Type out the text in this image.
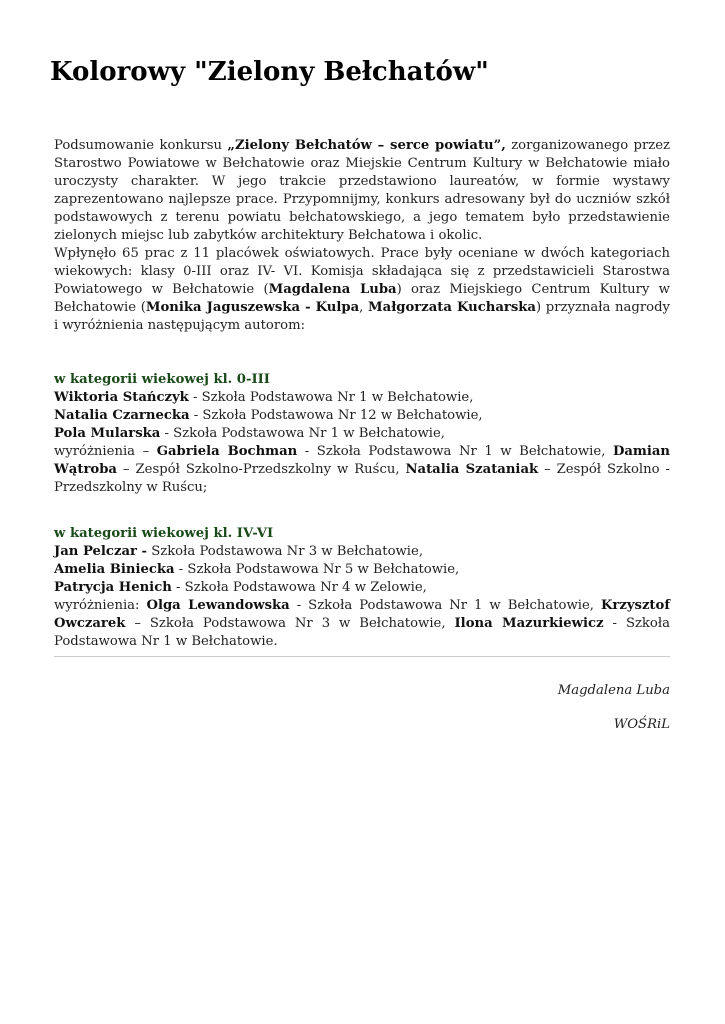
Kolorowy "Zielony Bełchatów"

Podsumowanie konkursu „Zielony Bełchatów – serce powiatu”, zorganizowanego przez Starostwo Powiatowe w Bełchatowie oraz Miejskie Centrum Kultury w Bełchatowie miało uroczysty charakter. W jego trakcie przedstawiono laureatów, w formie wystawy zaprezentowano najlepsze prace. Przypomnijmy, konkurs adresowany był do uczniów szkół podstawowych z terenu powiatu bełchatowskiego, a jego tematem było przedstawienie zielonych miejsc lub zabytków architektury Bełchatowa i okolic.

Wpłynęło 65 prac z 11 placówek oświatowych. Prace były oceniane w dwóch kategoriach wiekowych: klasy 0-III oraz IV- VI. Komisja składająca się z przedstawicieli Starostwa Powiatowego w Bełchatowie (Magdalena Luba) oraz Miejskiego Centrum Kultury w Bełchatowie (Monika Jaguszewska - Kulpa, Małgorzata Kucharska) przyznała nagrody i wyróżnienia następującym autorom:

w kategorii wiekowej kl. 0-III

Wiktoria Stańczyk - Szkoła Podstawowa Nr 1 w Bełchatowie,

Natalia Czarnecka - Szkoła Podstawowa Nr 12 w Bełchatowie,

Pola Mularska - Szkoła Podstawowa Nr 1 w Bełchatowie,

wyróżnienia – Gabriela Bochman - Szkoła Podstawowa Nr 1 w Bełchatowie, Damian Wątroba – Zespół Szkolno-Przedszkolny w Ruścu, Natalia Szataniak – Zespół Szkolno - Przedszkolny w Ruścu;

w kategorii wiekowej kl. IV-VI

Jan Pelczar - Szkoła Podstawowa Nr 3 w Bełchatowie,

Amelia Biniecka - Szkoła Podstawowa Nr 5 w Bełchatowie,

Patrycja Henich - Szkoła Podstawowa Nr 4 w Zelowie,

wyróżnienia: Olga Lewandowska - Szkoła Podstawowa Nr 1 w Bełchatowie, Krzysztof Owczarek – Szkoła Podstawowa Nr 3 w Bełchatowie, Ilona Mazurkiewicz - Szkoła Podstawowa Nr 1 w Bełchatowie.

Magdalena Luba
WOŚRiL
